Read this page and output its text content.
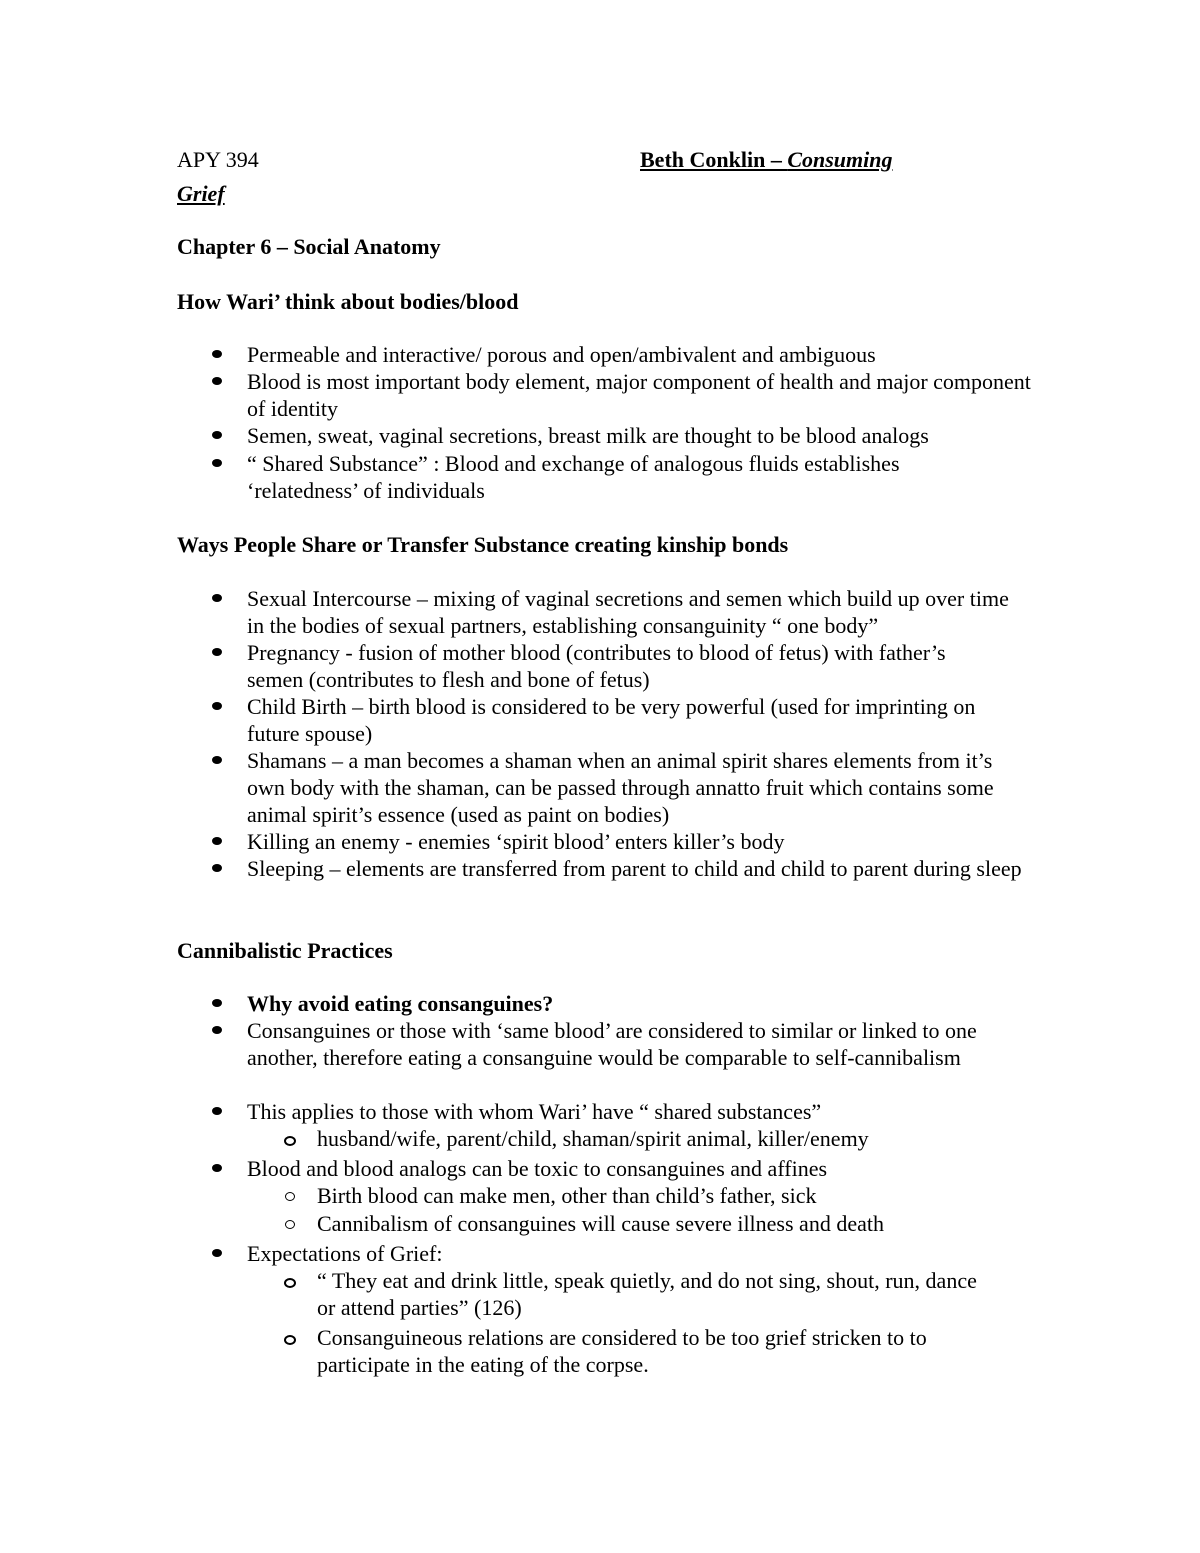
APY 394	Beth Conklin – Consuming
Grief
Chapter 6 – Social Anatomy
How Wari’ think about bodies/blood
Permeable and interactive/ porous and open/ambivalent and ambiguous
Blood is most important body element, major component of health and major component of identity
Semen, sweat, vaginal secretions, breast milk are thought to be blood analogs
“ Shared Substance” : Blood and exchange of analogous fluids establishes ‘relatedness’ of individuals
Ways People Share or Transfer Substance creating kinship bonds
Sexual Intercourse – mixing of vaginal secretions and semen which build up over time in the bodies of sexual partners, establishing consanguinity “ one body”
Pregnancy - fusion of mother blood (contributes to blood of fetus) with father’s semen (contributes to flesh and bone of fetus)
Child Birth – birth blood is considered to be very powerful (used for imprinting on future spouse)
Shamans – a man becomes a shaman when an animal spirit shares elements from it’s own body with the shaman, can be passed through annatto fruit which contains some animal spirit’s essence (used as paint on bodies)
Killing an enemy - enemies ‘spirit blood’ enters killer’s body
Sleeping – elements are transferred from parent to child and child to parent during sleep
Cannibalistic Practices
Why avoid eating consanguines?
Consanguines or those with ‘same blood’ are considered to similar or linked to one another, therefore eating a consanguine would be comparable to self-cannibalism
This applies to those with whom Wari’ have “ shared substances”
husband/wife, parent/child, shaman/spirit animal, killer/enemy
Blood and blood analogs can be toxic to consanguines and affines
Birth blood can make men, other than child’s father, sick
Cannibalism of consanguines will cause severe illness and death
Expectations of Grief:
“ They eat and drink little, speak quietly, and do not sing, shout, run, dance or attend parties” (126)
Consanguineous relations are considered to be too grief stricken to to participate in the eating of the corpse.
